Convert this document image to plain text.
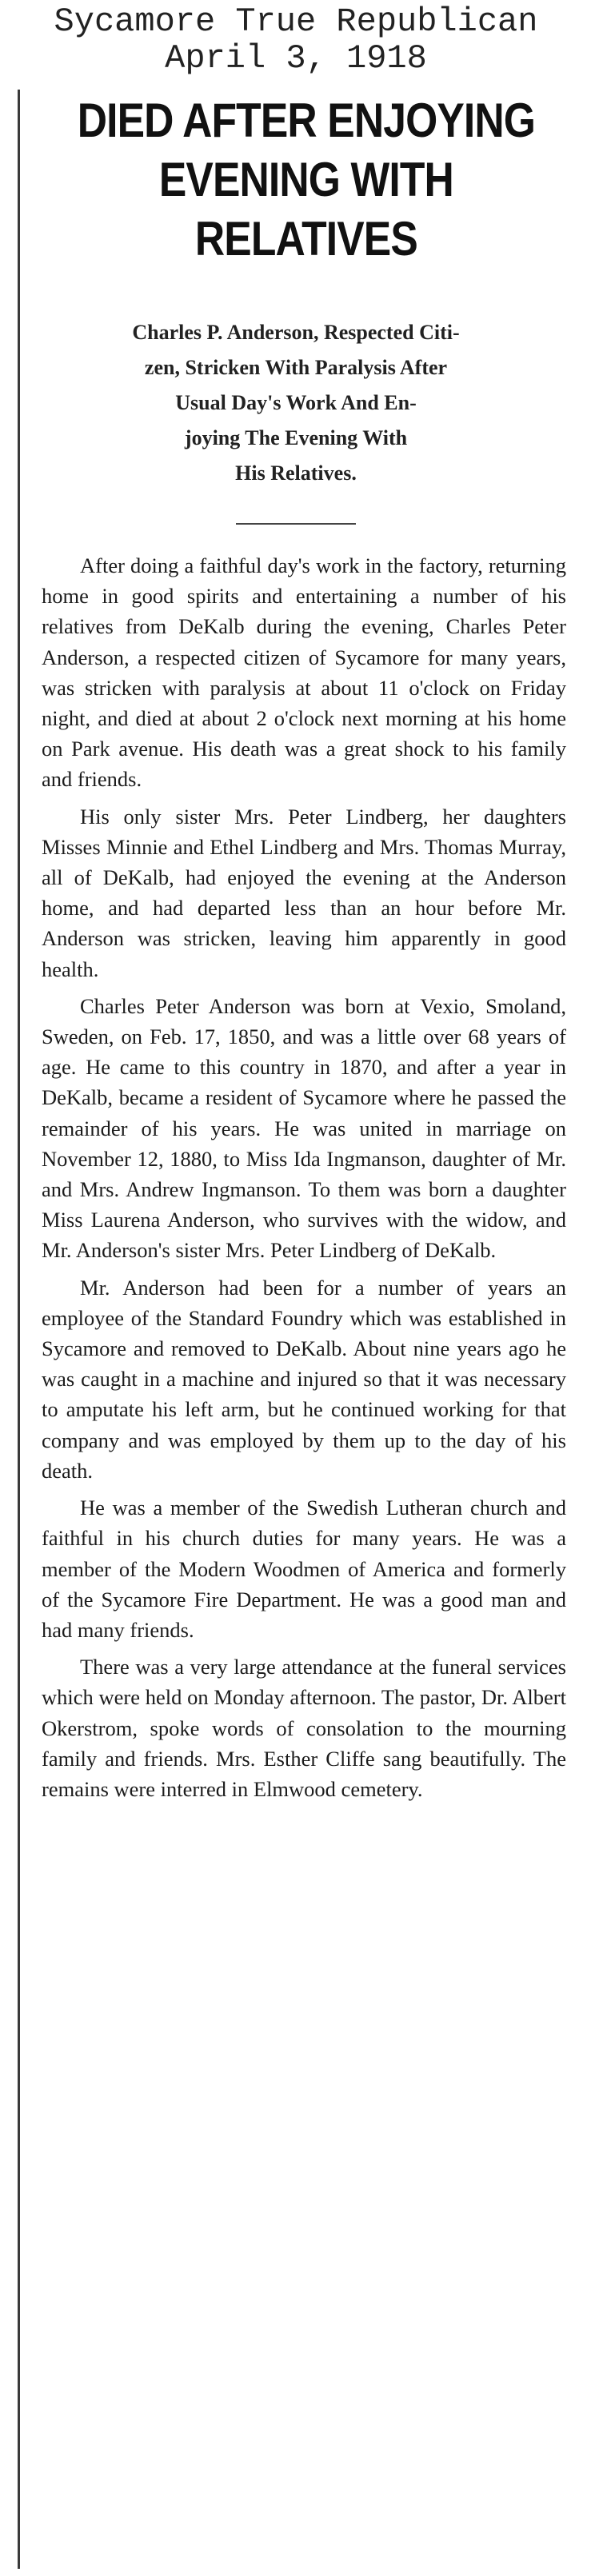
Sycamore True Republican
April 3, 1918
DIED AFTER ENJOYING
EVENING WITH RELATIVES
Charles P. Anderson, Respected Citi-
zen, Stricken With Paralysis After
Usual Day's Work And En-
joying The Evening With
His Relatives.

After doing a faithful day's work in the factory, returning home in good spirits and entertaining a number of his relatives from DeKalb during the evening, Charles Peter Anderson, a respected citizen of Sycamore for many years, was stricken with paralysis at about 11 o'clock on Friday night, and died at about 2 o'clock next morning at his home on Park avenue. His death was a great shock to his family and friends.

His only sister Mrs. Peter Lindberg, her daughters Misses Minnie and Ethel Lindberg and Mrs. Thomas Murray, all of DeKalb, had enjoyed the evening at the Anderson home, and had departed less than an hour before Mr. Anderson was stricken, leaving him apparently in good health.

Charles Peter Anderson was born at Vexio, Smoland, Sweden, on Feb. 17, 1850, and was a little over 68 years of age. He came to this country in 1870, and after a year in DeKalb, became a resident of Sycamore where he passed the remainder of his years. He was united in marriage on November 12, 1880, to Miss Ida Ingmanson, daughter of Mr. and Mrs. Andrew Ingmanson. To them was born a daughter Miss Laurena Anderson, who survives with the widow, and Mr. Anderson's sister Mrs. Peter Lindberg of DeKalb.

Mr. Anderson had been for a number of years an employee of the Standard Foundry which was established in Sycamore and removed to DeKalb. About nine years ago he was caught in a machine and injured so that it was necessary to amputate his left arm, but he continued working for that company and was employed by them up to the day of his death.

He was a member of the Swedish Lutheran church and faithful in his church duties for many years. He was a member of the Modern Woodmen of America and formerly of the Sycamore Fire Department. He was a good man and had many friends.

There was a very large attendance at the funeral services which were held on Monday afternoon. The pastor, Dr. Albert Okerstrom, spoke words of consolation to the mourning family and friends. Mrs. Esther Cliffe sang beautifully. The remains were interred in Elmwood cemetery.
